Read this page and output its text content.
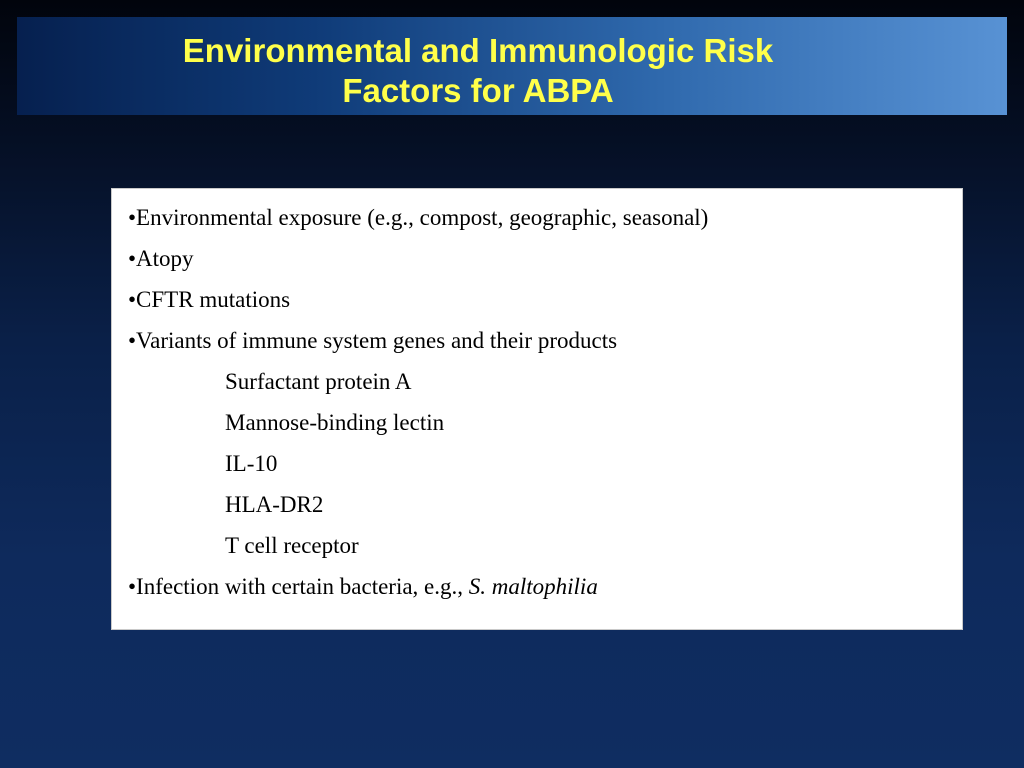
Environmental and Immunologic Risk
Factors for ABPA
•Environmental exposure (e.g., compost, geographic, seasonal)
•Atopy
•CFTR mutations
•Variants of immune system genes and their products
Surfactant protein A
Mannose-binding lectin
IL-10
HLA-DR2
T cell receptor
•Infection with certain bacteria, e.g., S. maltophilia
